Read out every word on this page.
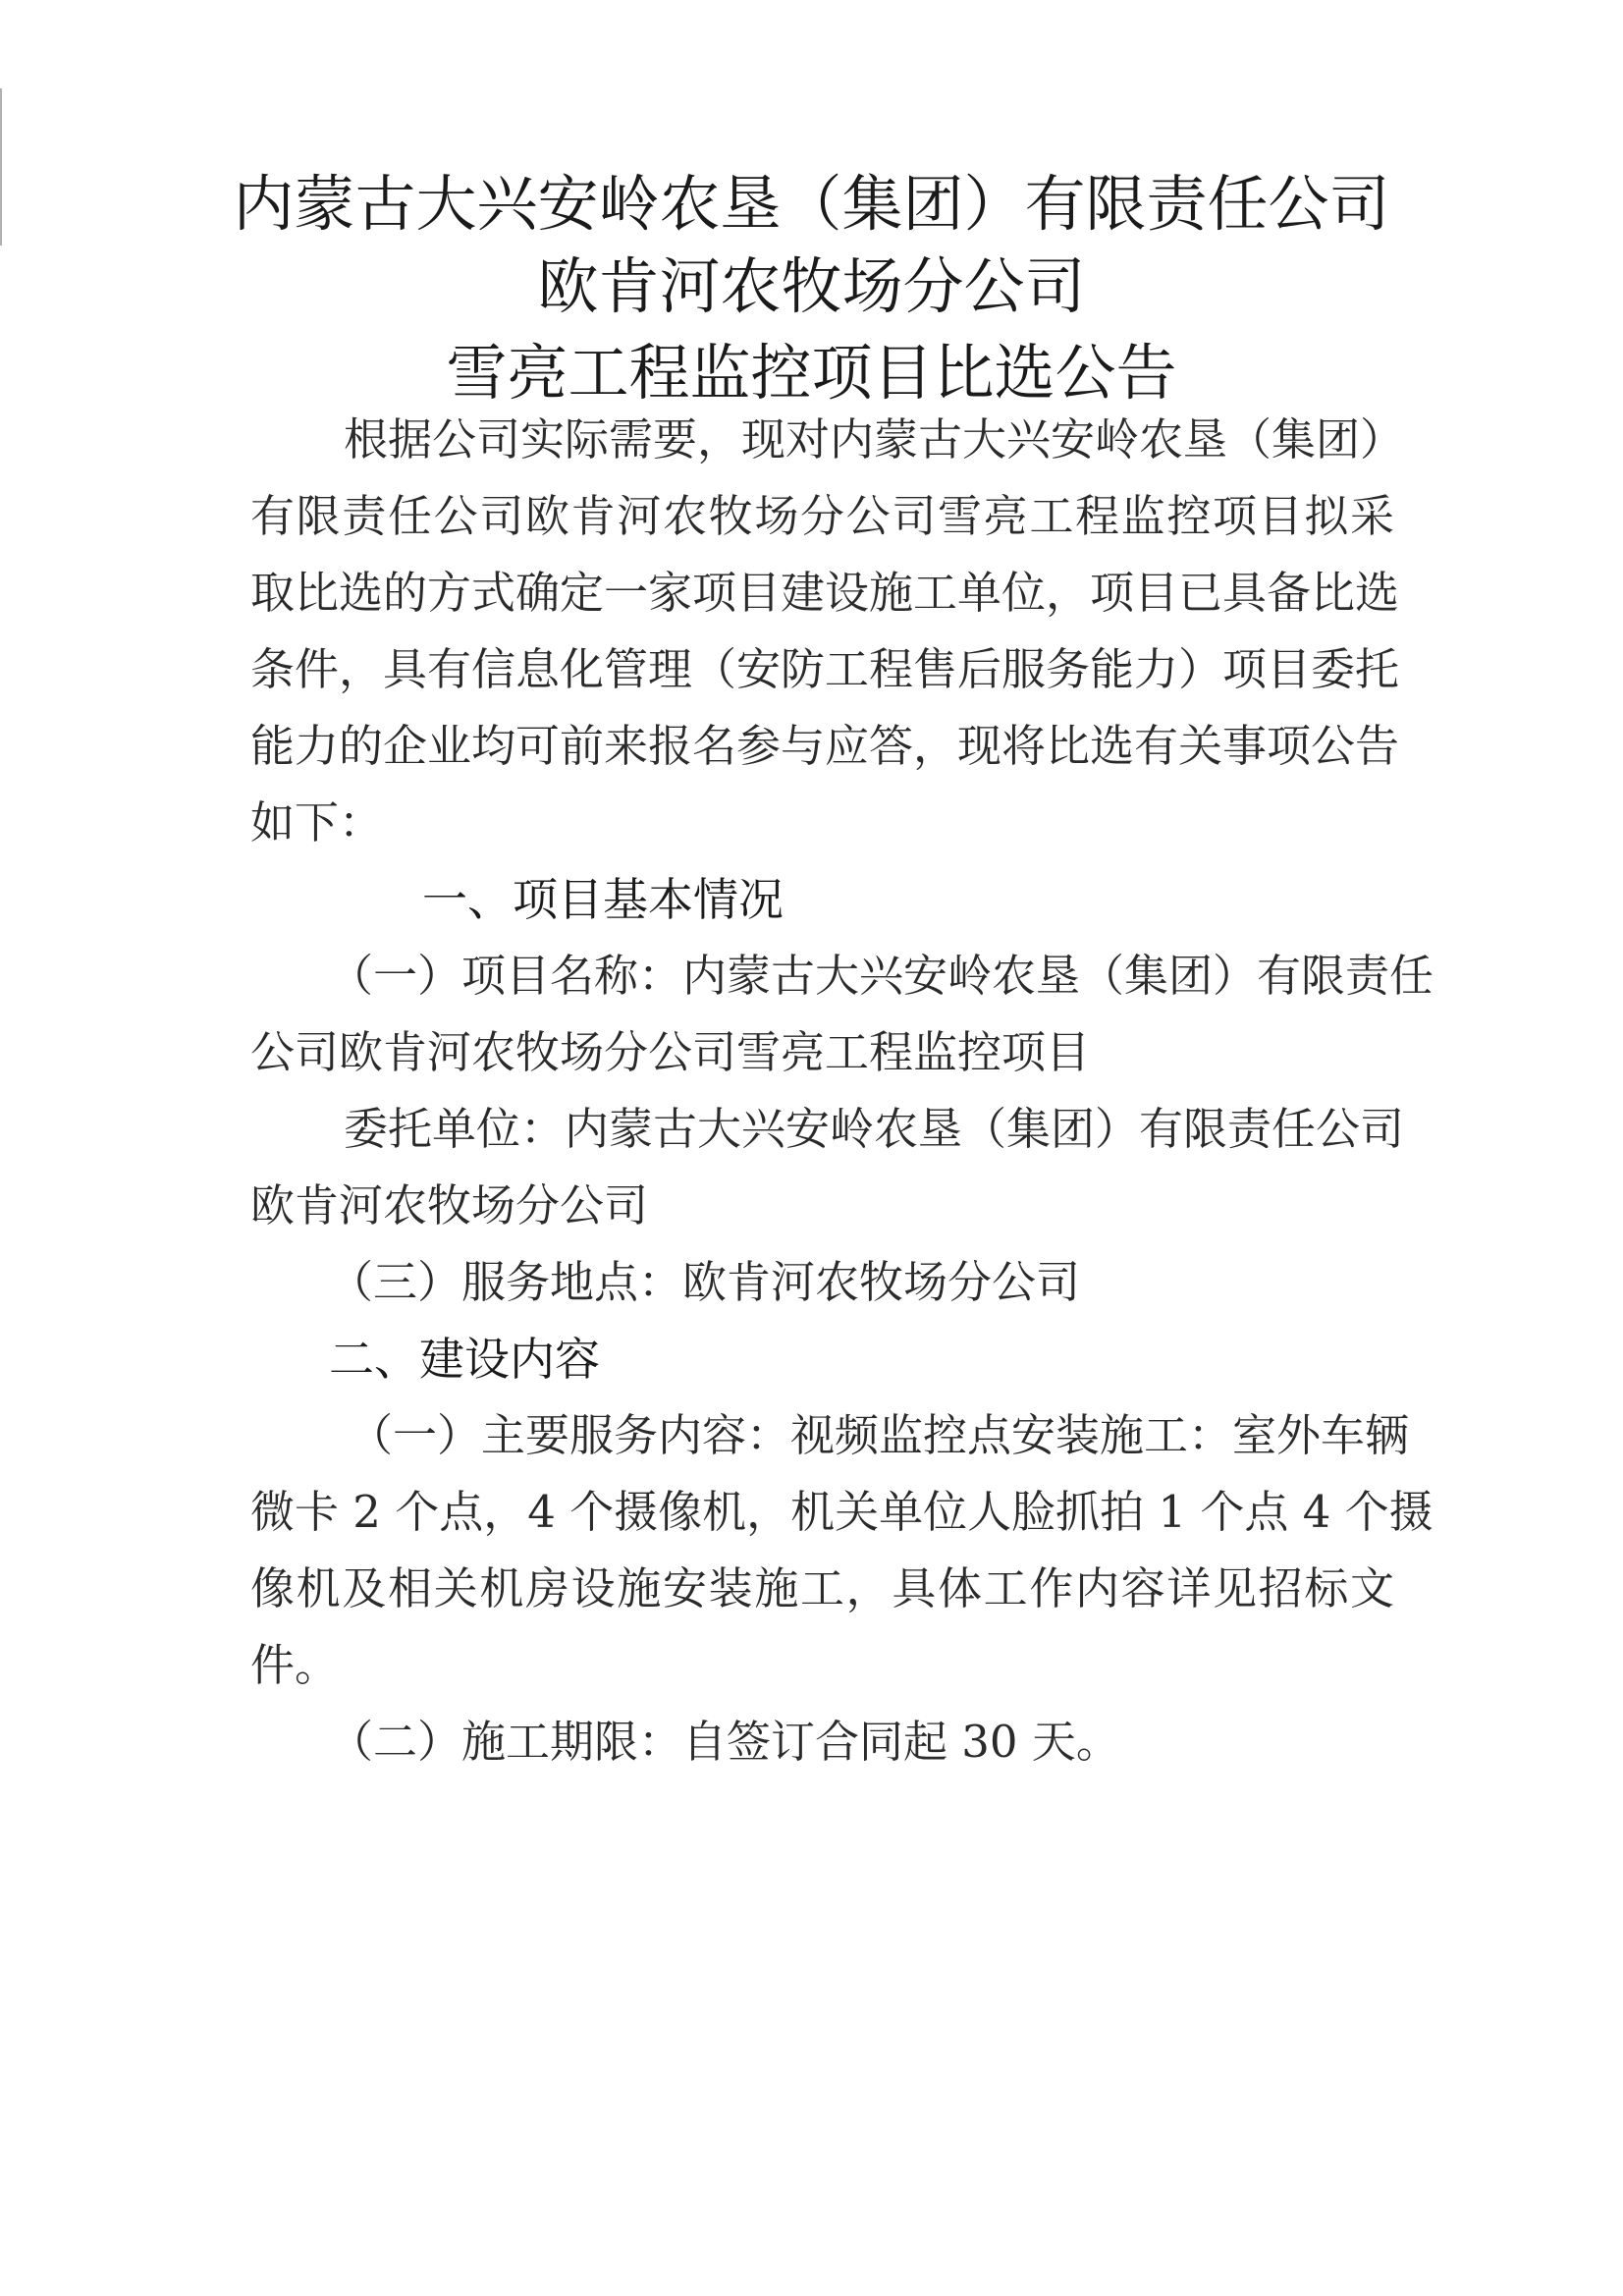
内蒙古大兴安岭农垦（集团）有限责任公司
欧肯河农牧场分公司
雪亮工程监控项目比选公告
根据公司实际需要，现对内蒙古大兴安岭农垦（集团）
有限责任公司欧肯河农牧场分公司雪亮工程监控项目拟采
取比选的方式确定一家项目建设施工单位，项目已具备比选
条件，具有信息化管理（安防工程售后服务能力）项目委托
能力的企业均可前来报名参与应答，现将比选有关事项公告
如下：
一、项目基本情况
（一）项目名称：内蒙古大兴安岭农垦（集团）有限责任
公司欧肯河农牧场分公司雪亮工程监控项目
委托单位：内蒙古大兴安岭农垦（集团）有限责任公司
欧肯河农牧场分公司
（三）服务地点：欧肯河农牧场分公司
二、建设内容
（一）主要服务内容：视频监控点安装施工：室外车辆
微卡 2 个点，4 个摄像机，机关单位人脸抓拍 1 个点 4 个摄
像机及相关机房设施安装施工，具体工作内容详见招标文
件。
（二）施工期限：自签订合同起 30 天。
